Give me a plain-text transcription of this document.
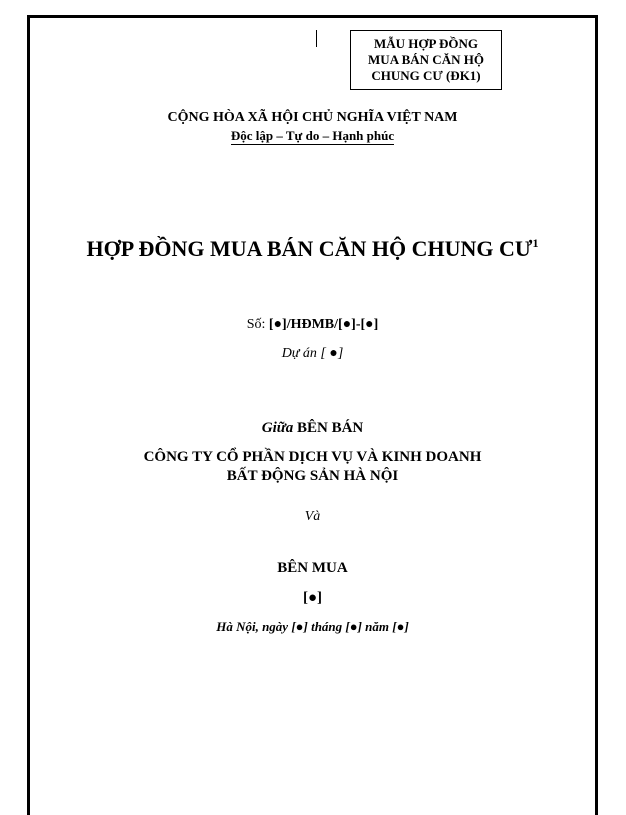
MẪU HỢP ĐỒNG
MUA BÁN CĂN HỘ
CHUNG CƯ (ĐK1)
CỘNG HÒA XÃ HỘI CHỦ NGHĨA VIỆT NAM
Độc lập – Tự do – Hạnh phúc
HỢP ĐỒNG MUA BÁN CĂN HỘ CHUNG $CƯ^1$
Số: [●]/HĐMB/[●]-[●]
Dự án [ ●]
Giữa BÊN BÁN
CÔNG TY CỔ PHẦN DỊCH VỤ VÀ KINH DOANH
BẤT ĐỘNG SẢN HÀ NỘI
Và
BÊN MUA
[●]
Hà Nội, ngày [●] tháng [●] năm [●]
